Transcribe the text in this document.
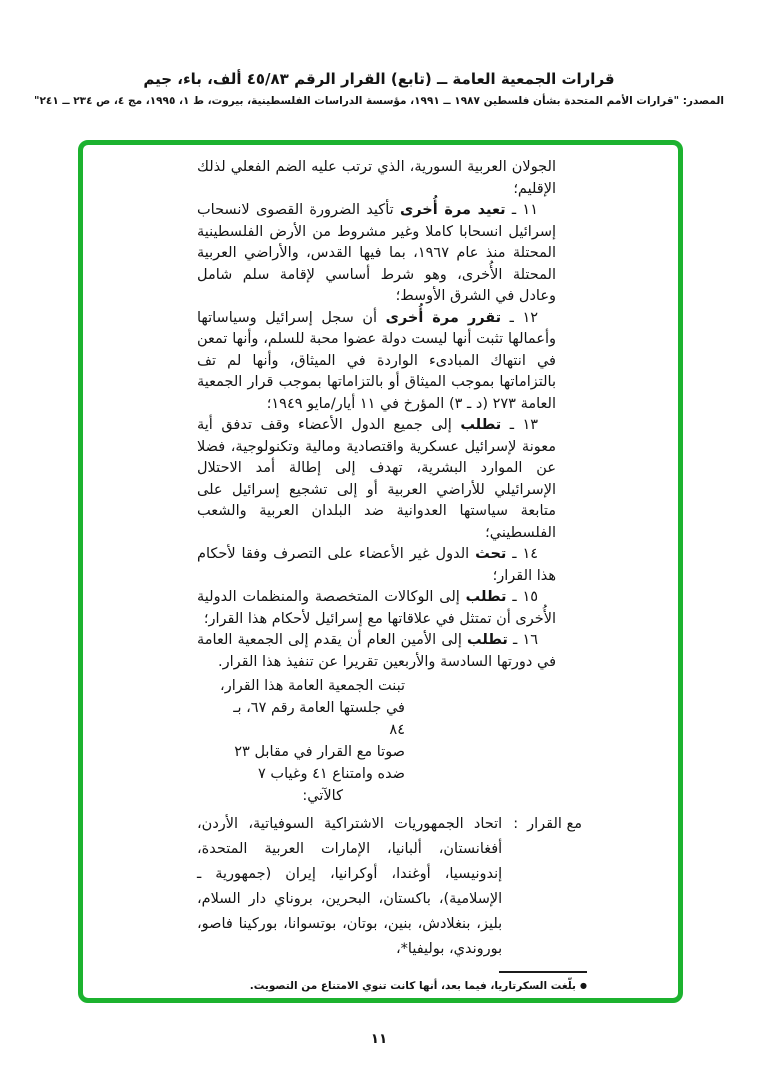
قرارات الجمعية العامة ــ (تابع) القرار الرقم ٤٥/٨٣ ألف، باء، جيم
المصدر: "قرارات الأمم المتحدة بشأن فلسطين ١٩٨٧ ــ ١٩٩١، مؤسسة الدراسات الفلسطينية، بيروت، ط ١، ١٩٩٥، مج ٤، ص ٢٣٤ ــ ٢٤١"

الجولان العربية السورية، الذي ترتب عليه الضم الفعلي لذلك الإقليم؛

١١ ـ تعيد مرة أُخرى تأكيد الضرورة القصوى لانسحاب إسرائيل انسحابا كاملا وغير مشروط من الأرض الفلسطينية المحتلة منذ عام ١٩٦٧، بما فيها القدس، والأراضي العربية المحتلة الأُخرى، وهو شرط أساسي لإقامة سلم شامل وعادل في الشرق الأوسط؛

١٢ ـ تقرر مرة أُخرى أن سجل إسرائيل وسياساتها وأعمالها تثبت أنها ليست دولة عضوا محبة للسلم، وأنها تمعن في انتهاك المبادىء الواردة في الميثاق، وأنها لم تف بالتزاماتها بموجب الميثاق أو بالتزاماتها بموجب قرار الجمعية العامة ٢٧٣ (د ـ ٣) المؤرخ في ١١ أيار/مايو ١٩٤٩؛

١٣ ـ تطلب إلى جميع الدول الأعضاء وقف تدفق أية معونة لإسرائيل عسكرية واقتصادية ومالية وتكنولوجية، فضلا عن الموارد البشرية، تهدف إلى إطالة أمد الاحتلال الإسرائيلي للأراضي العربية أو إلى تشجيع إسرائيل على متابعة سياستها العدوانية ضد البلدان العربية والشعب الفلسطيني؛

١٤ ـ تحث الدول غير الأعضاء على التصرف وفقا لأحكام هذا القرار؛

١٥ ـ تطلب إلى الوكالات المتخصصة والمنظمات الدولية الأُخرى أن تمتثل في علاقاتها مع إسرائيل لأحكام هذا القرار؛

١٦ ـ تطلب إلى الأمين العام أن يقدم إلى الجمعية العامة في دورتها السادسة والأربعين تقريرا عن تنفيذ هذا القرار.

تبنت الجمعية العامة هذا القرار،
في جلستها العامة رقم ٦٧، بـ ٨٤
صوتا مع القرار في مقابل ٢٣
ضده وامتناع ٤١ وغياب ٧
كالآتي:
مع القرار
:
اتحاد الجمهوريات الاشتراكية السوفياتية، الأردن، أفغانستان، ألبانيا، الإمارات العربية المتحدة، إندونيسيا، أوغندا، أوكرانيا، إيران (جمهورية ـ الإسلامية)، باكستان، البحرين، بروناي دار السلام، بليز، بنغلادش، بنين، بوتان، بوتسوانا، بوركينا فاصو، بوروندي، بوليفيا*،
●بلّغت السكرتاريا، فيما بعد، أنها كانت تنوي الامتناع من التصويت.
١١
